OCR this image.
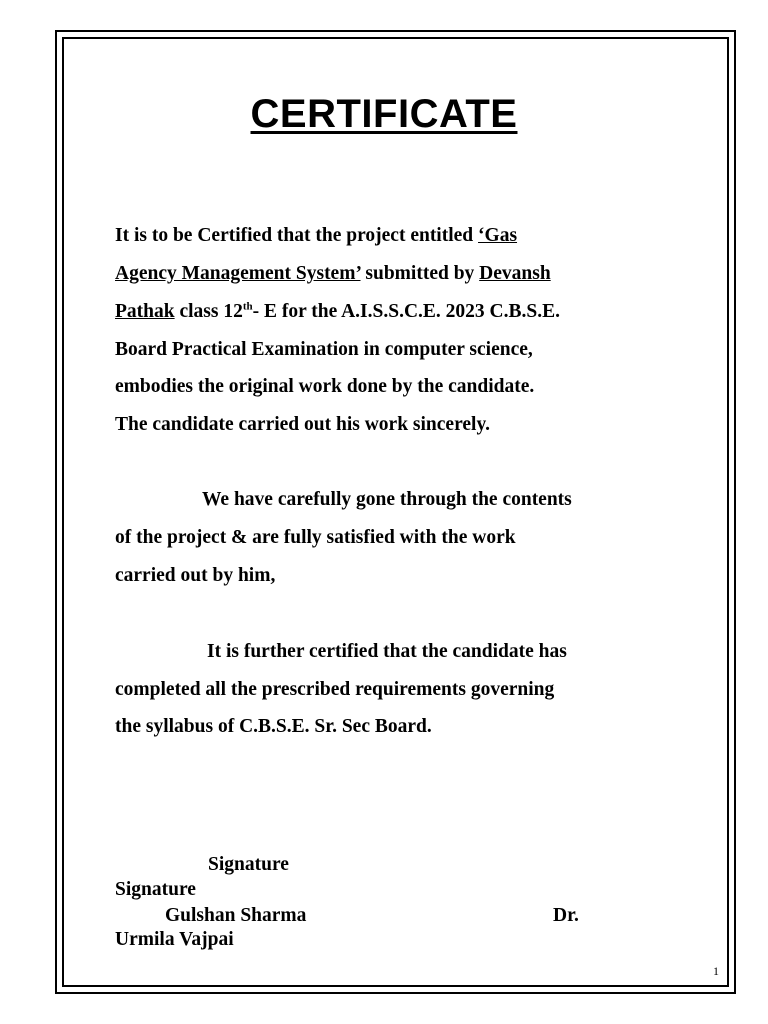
CERTIFICATE
It is to be Certified that the project entitled ‘Gas
Agency Management System’ submitted by Devansh
Pathak class 12th- E for the A.I.S.S.C.E. 2023 C.B.S.E.
Board Practical Examination in computer science,
embodies the original work done by the candidate.
The candidate carried out his work sincerely.
We have carefully gone through the contents
of the project & are fully satisfied with the work
carried out by him,
It is further certified that the candidate has
completed all the prescribed requirements governing
the syllabus of C.B.S.E. Sr. Sec Board.
Signature
Signature
Gulshan Sharma	Dr.
Urmila Vajpai
1
